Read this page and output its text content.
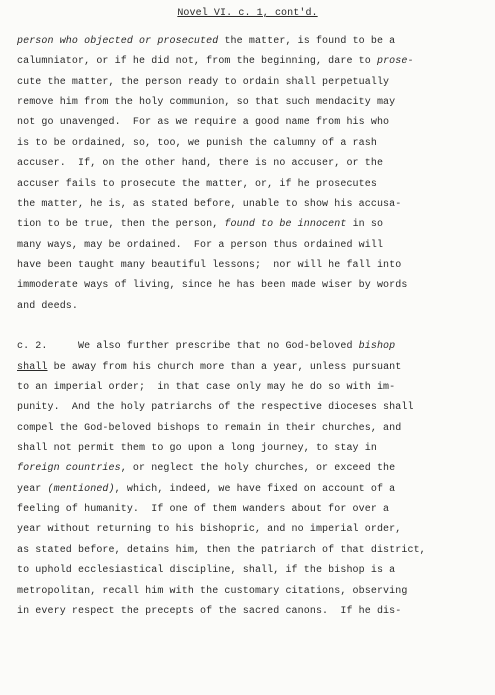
Novel VI. c. 1, cont'd.
person who objected or prosecuted the matter, is found to be a
calumniator, or if he did not, from the beginning, dare to prose-
cute the matter, the person ready to ordain shall perpetually
remove him from the holy communion, so that such mendacity may
not go unavenged.  For as we require a good name from his who
is to be ordained, so, too, we punish the calumny of a rash
accuser.  If, on the other hand, there is no accuser, or the
accuser fails to prosecute the matter, or, if he prosecutes
the matter, he is, as stated before, unable to show his accusa-
tion to be true, then the person, found to be innocent in so
many ways, may be ordained.  For a person thus ordained will
have been taught many beautiful lessons;  nor will he fall into
immoderate ways of living, since he has been made wiser by words
and deeds.
c. 2.     We also further prescribe that no God-beloved bishop
shall be away from his church more than a year, unless pursuant
to an imperial order;  in that case only may he do so with im-
punity.  And the holy patriarchs of the respective dioceses shall
compel the God-beloved bishops to remain in their churches, and
shall not permit them to go upon a long journey, to stay in
foreign countries, or neglect the holy churches, or exceed the
year (mentioned), which, indeed, we have fixed on account of a
feeling of humanity.  If one of them wanders about for over a
year without returning to his bishopric, and no imperial order,
as stated before, detains him, then the patriarch of that district,
to uphold ecclesiastical discipline, shall, if the bishop is a
metropolitan, recall him with the customary citations, observing
in every respect the precepts of the sacred canons.  If he dis-
